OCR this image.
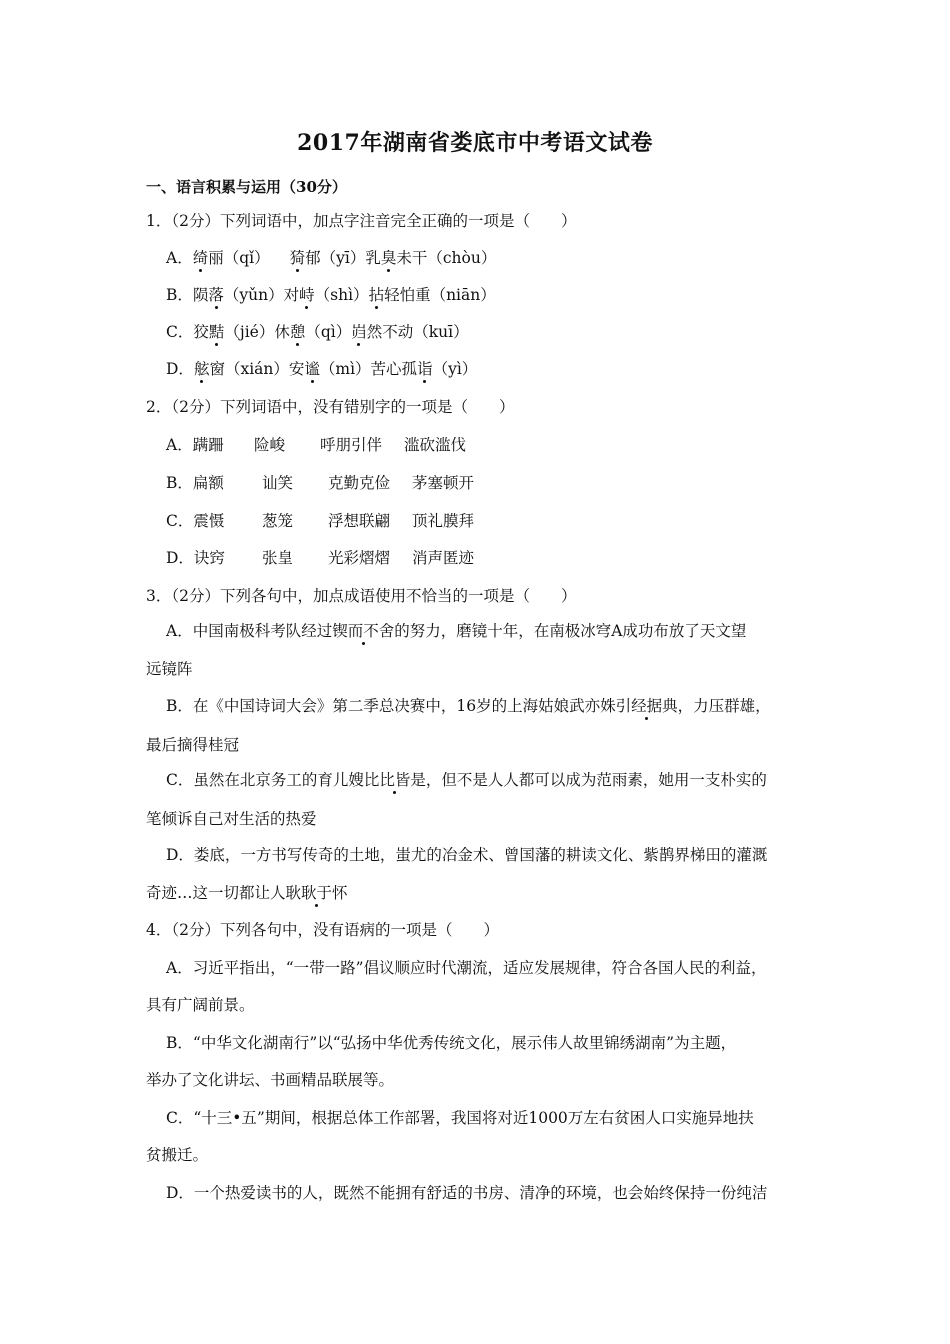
2017年湖南省娄底市中考语文试卷
一、语言积累与运用（30分）
1．（2分）下列词语中，加点字注音完全正确的一项是（　　）
A．绮丽（qǐ） 猗郁（yī）乳臭未干（chòu）
B．陨落（yǔn）对峙（shì）拈轻怕重（niān）
C．狡黠（jié）休憩（qì）岿然不动（kuī）
D．舷窗（xián）安谧（mì）苦心孤诣（yì）
2．（2分）下列词语中，没有错别字的一项是（　　）
A．蹒跚 险峻 呼朋引伴 滥砍滥伐
B．扁额 讪笑 克勤克俭 茅塞顿开
C．震慑 葱笼 浮想联翩 顶礼膜拜
D．诀窍 张皇 光彩熠熠 消声匿迹
3．（2分）下列各句中，加点成语使用不恰当的一项是（　　）
A．中国南极科考队经过锲而不舍的努力，磨镜十年，在南极冰穹A成功布放了天文望
远镜阵
B．在《中国诗词大会》第二季总决赛中，16岁的上海姑娘武亦姝引经据典，力压群雄，
最后摘得桂冠
C．虽然在北京务工的育儿嫂比比皆是，但不是人人都可以成为范雨素，她用一支朴实的
笔倾诉自己对生活的热爱
D．娄底，一方书写传奇的土地，蚩尤的冶金术、曾国藩的耕读文化、紫鹊界梯田的灌溉
奇迹…这一切都让人耿耿于怀
4．（2分）下列各句中，没有语病的一项是（　　）
A．习近平指出，“一带一路”倡议顺应时代潮流，适应发展规律，符合各国人民的利益，
具有广阔前景。
B．“中华文化湖南行”以“弘扬中华优秀传统文化，展示伟人故里锦绣湖南”为主题，
举办了文化讲坛、书画精品联展等。
C．“十三•五”期间，根据总体工作部署，我国将对近1000万左右贫困人口实施异地扶
贫搬迁。
D．一个热爱读书的人，既然不能拥有舒适的书房、清净的环境，也会始终保持一份纯洁
